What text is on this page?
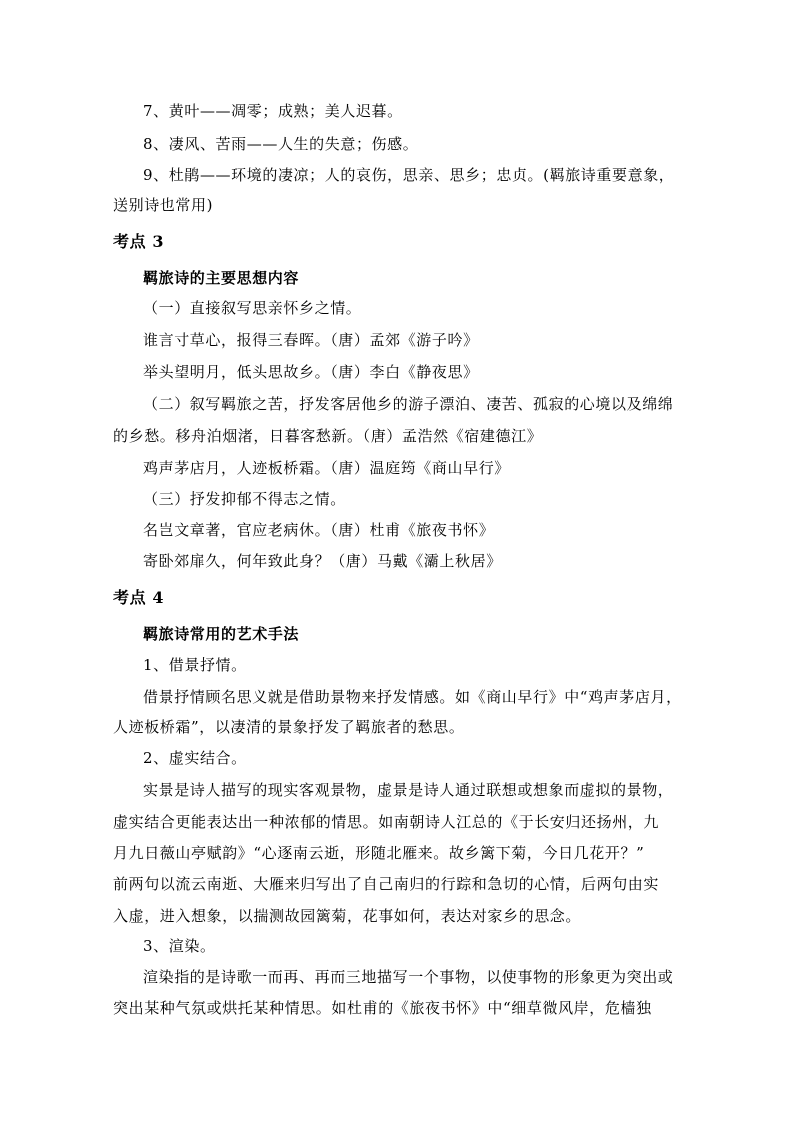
7、黄叶——凋零；成熟；美人迟暮。
8、凄风、苦雨——人生的失意；伤感。
9、杜鹃——环境的凄凉；人的哀伤，思亲、思乡；忠贞。(羁旅诗重要意象，
送别诗也常用)
考点 3
羁旅诗的主要思想内容
（一）直接叙写思亲怀乡之情。
谁言寸草心，报得三春晖。（唐）孟郊《游子吟》
举头望明月，低头思故乡。（唐）李白《静夜思》
（二）叙写羁旅之苦，抒发客居他乡的游子漂泊、凄苦、孤寂的心境以及绵绵
的乡愁。移舟泊烟渚，日暮客愁新。（唐）孟浩然《宿建德江》
鸡声茅店月，人迹板桥霜。（唐）温庭筠《商山早行》
（三）抒发抑郁不得志之情。
名岂文章著，官应老病休。（唐）杜甫《旅夜书怀》
寄卧郊扉久，何年致此身？（唐）马戴《灞上秋居》
考点 4
羁旅诗常用的艺术手法
1、借景抒情。
借景抒情顾名思义就是借助景物来抒发情感。如《商山早行》中“鸡声茅店月，
人迹板桥霜”，以凄清的景象抒发了羁旅者的愁思。
2、虚实结合。
实景是诗人描写的现实客观景物，虚景是诗人通过联想或想象而虚拟的景物，
虚实结合更能表达出一种浓郁的情思。如南朝诗人江总的《于长安归还扬州，九
月九日薇山亭赋韵》“心逐南云逝，形随北雁来。故乡篱下菊，今日几花开？”
前两句以流云南逝、大雁来归写出了自己南归的行踪和急切的心情，后两句由实
入虚，进入想象，以揣测故园篱菊，花事如何，表达对家乡的思念。
3、渲染。
渲染指的是诗歌一而再、再而三地描写一个事物，以使事物的形象更为突出或
突出某种气氛或烘托某种情思。如杜甫的《旅夜书怀》中“细草微风岸，危樯独
